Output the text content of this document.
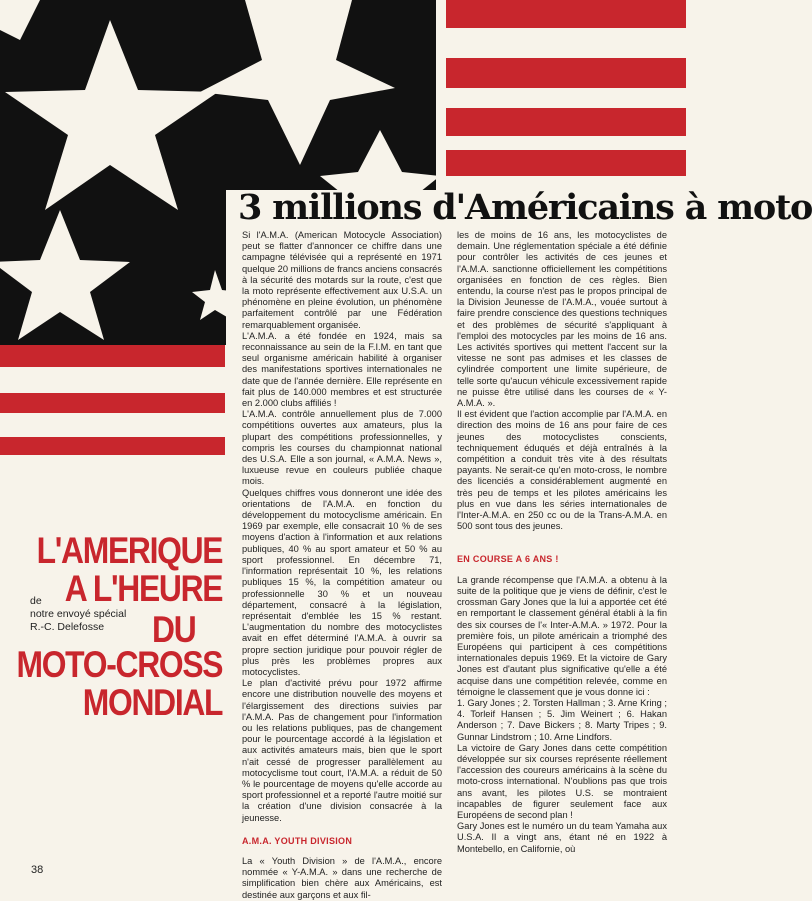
3 millions d'Américains à moto
L'AMERIQUE
A L'HEURE
MOTO-CROSS
MONDIAL
DU
de
notre envoyé spécial
R.-C. Delefosse

Si l'A.M.A. (American Motocycle Association) peut se flatter d'annoncer ce chiffre dans une campagne télévisée qui a représenté en 1971 quelque 20 millions de francs anciens consacrés à la sécurité des motards sur la route, c'est que la moto représente effectivement aux U.S.A. un phénomène en pleine évolution, un phénomène parfaitement contrôlé par une Fédération remarquablement organisée.

L'A.M.A. a été fondée en 1924, mais sa reconnaissance au sein de la F.I.M. en tant que seul organisme américain habilité à organiser des manifestations sportives internationales ne date que de l'année dernière. Elle représente en fait plus de 140.000 membres et est structurée en 2.000 clubs affiliés !

L'A.M.A. contrôle annuellement plus de 7.000 compétitions ouvertes aux amateurs, plus la plupart des compétitions professionnelles, y compris les courses du championnat national des U.S.A. Elle a son journal, « A.M.A. News », luxueuse revue en couleurs publiée chaque mois.

Quelques chiffres vous donneront une idée des orientations de l'A.M.A. en fonction du développement du motocyclisme américain. En 1969 par exemple, elle consacrait 10 % de ses moyens d'action à l'information et aux relations publiques, 40 % au sport amateur et 50 % au sport professionnel. En décembre 71, l'information représentait 10 %, les relations publiques 15 %, la compétition amateur ou professionnelle 30 % et un nouveau département, consacré à la législation, représentait d'emblée les 15 % restant. L'augmentation du nombre des motocyclistes avait en effet déterminé l'A.M.A. à ouvrir sa propre section juridique pour pouvoir régler de plus près les problèmes propres aux motocyclistes.

Le plan d'activité prévu pour 1972 affirme encore une distribution nouvelle des moyens et l'élargissement des directions suivies par l'A.M.A. Pas de changement pour l'information ou les relations publiques, pas de changement pour le pourcentage accordé à la législation et aux activités amateurs mais, bien que le sport n'ait cessé de progresser parallèlement au motocyclisme tout court, l'A.M.A. a réduit de 50 % le pourcentage de moyens qu'elle accorde au sport professionnel et a reporté l'autre moitié sur la création d'une division consacrée à la jeunesse.

A.M.A. YOUTH DIVISION

La « Youth Division » de l'A.M.A., encore nommée « Y-A.M.A. » dans une recherche de simplification bien chère aux Américains, est destinée aux garçons et aux fil-

les de moins de 16 ans, les motocyclistes de demain. Une réglementation spéciale a été définie pour contrôler les activités de ces jeunes et l'A.M.A. sanctionne officiellement les compétitions organisées en fonction de ces règles. Bien entendu, la course n'est pas le propos principal de la Division Jeunesse de l'A.M.A., vouée surtout à faire prendre conscience des questions techniques et des problèmes de sécurité s'appliquant à l'emploi des motocycles par les moins de 16 ans. Les activités sportives qui mettent l'accent sur la vitesse ne sont pas admises et les classes de cylindrée comportent une limite supérieure, de telle sorte qu'aucun véhicule excessivement rapide ne puisse être utilisé dans les courses de « Y-A.M.A. ».

Il est évident que l'action accomplie par l'A.M.A. en direction des moins de 16 ans pour faire de ces jeunes des motocyclistes conscients, techniquement éduqués et déjà entraînés à la compétition a conduit très vite à des résultats payants. Ne serait-ce qu'en moto-cross, le nombre des licenciés a considérablement augmenté en très peu de temps et les pilotes américains les plus en vue dans les séries internationales de l'Inter-A.M.A. en 250 cc ou de la Trans-A.M.A. en 500 sont tous des jeunes.

EN COURSE A 6 ANS !

La grande récompense que l'A.M.A. a obtenu à la suite de la politique que je viens de définir, c'est le crossman Gary Jones que la lui a apportée cet été en remportant le classement général établi à la fin des six courses de l'« Inter-A.M.A. » 1972. Pour la première fois, un pilote américain a triomphé des Européens qui participent à ces compétitions internationales depuis 1969. Et la victoire de Gary Jones est d'autant plus significative qu'elle a été acquise dans une compétition relevée, comme en témoigne le classement que je vous donne ici :

1. Gary Jones ; 2. Torsten Hallman ; 3. Arne Kring ; 4. Torleif Hansen ; 5. Jim Weinert ; 6. Hakan Anderson ; 7. Dave Bickers ; 8. Marty Tripes ; 9. Gunnar Lindstrom ; 10. Arne Lindfors.

La victoire de Gary Jones dans cette compétition développée sur six courses représente réellement l'accession des coureurs américains à la scène du moto-cross international. N'oublions pas que trois ans avant, les pilotes U.S. se montraient incapables de figurer seulement face aux Européens de second plan !

Gary Jones est le numéro un du team Yamaha aux U.S.A. Il a vingt ans, étant né en 1922 à Montebello, en Californie, où

38
